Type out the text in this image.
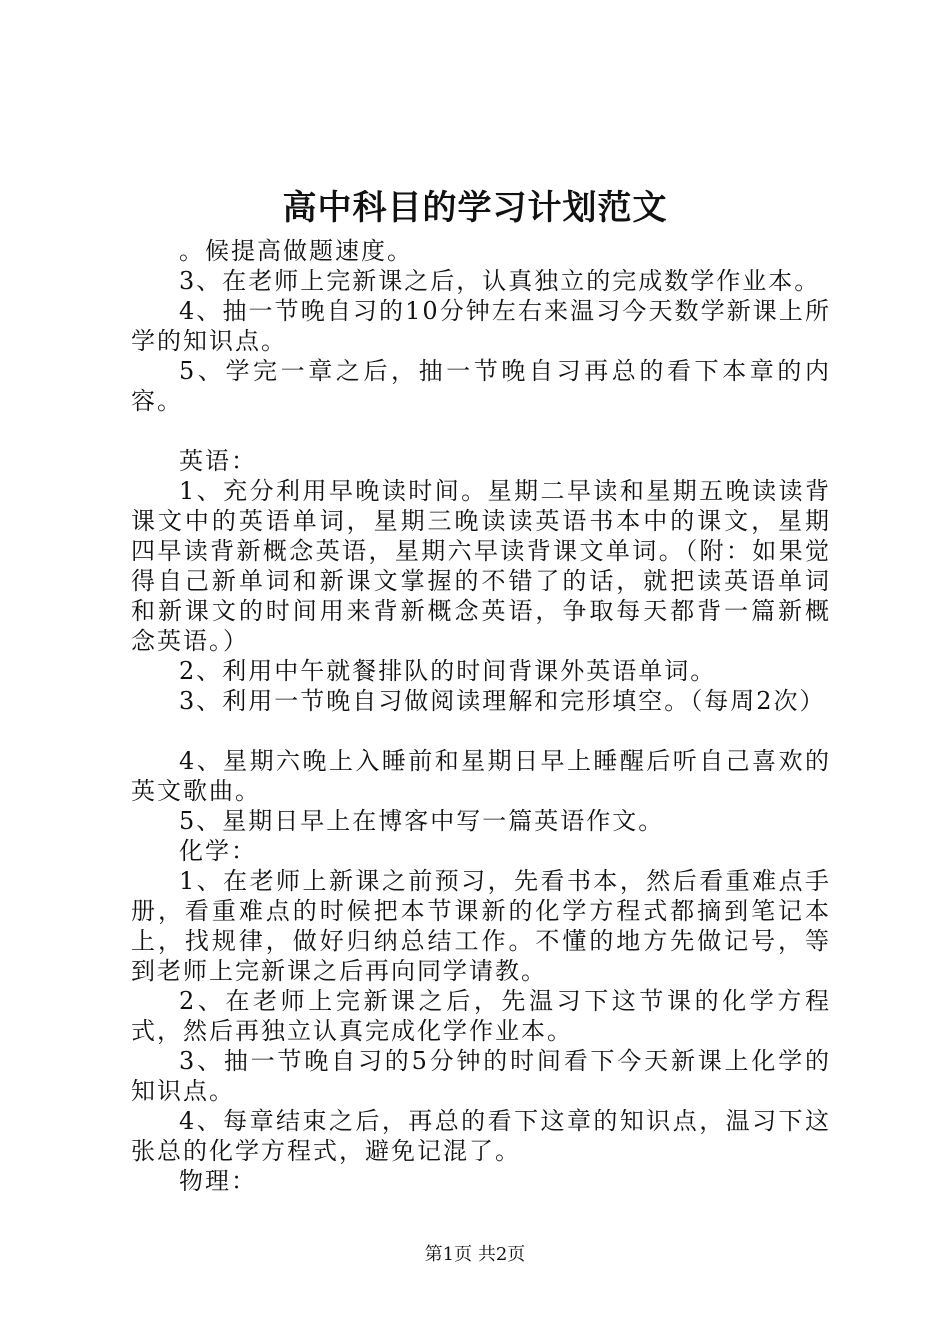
高中科目的学习计划范文

。候提高做题速度。

3、在老师上完新课之后，认真独立的完成数学作业本。

4、抽一节晚自习的10分钟左右来温习今天数学新课上所学的知识点。

5、学完一章之后，抽一节晚自习再总的看下本章的内容。

英语：

1、充分利用早晚读时间。星期二早读和星期五晚读读背课文中的英语单词，星期三晚读读英语书本中的课文，星期四早读背新概念英语，星期六早读背课文单词。（附：如果觉得自己新单词和新课文掌握的不错了的话，就把读英语单词和新课文的时间用来背新概念英语，争取每天都背一篇新概念英语。）

2、利用中午就餐排队的时间背课外英语单词。

3、利用一节晚自习做阅读理解和完形填空。（每周2次）

4、星期六晚上入睡前和星期日早上睡醒后听自己喜欢的英文歌曲。

5、星期日早上在博客中写一篇英语作文。

化学：

1、在老师上新课之前预习，先看书本，然后看重难点手册，看重难点的时候把本节课新的化学方程式都摘到笔记本上，找规律，做好归纳总结工作。不懂的地方先做记号，等到老师上完新课之后再向同学请教。

2、在老师上完新课之后，先温习下这节课的化学方程式，然后再独立认真完成化学作业本。

3、抽一节晚自习的5分钟的时间看下今天新课上化学的知识点。

4、每章结束之后，再总的看下这章的知识点，温习下这张总的化学方程式，避免记混了。

物理：

第1页 共2页
